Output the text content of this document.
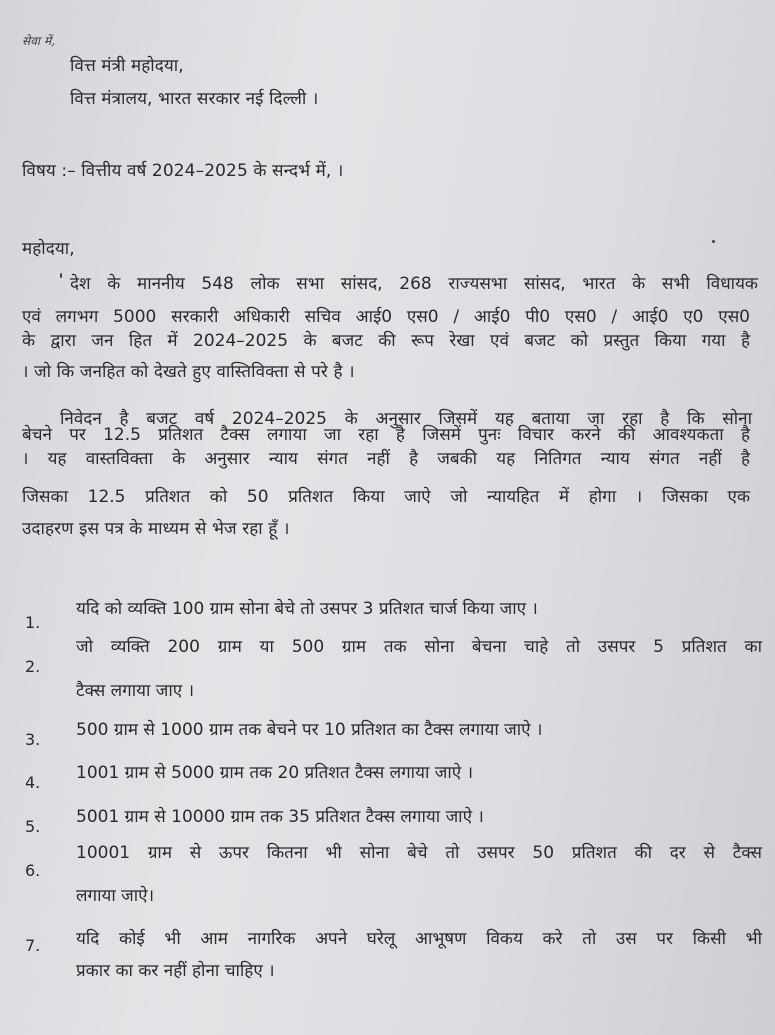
सेवा में,
वित्त मंत्री महोदया,
वित्त मंत्रालय, भारत सरकार नई दिल्ली ।
विषय :– वित्तीय वर्ष 2024–2025 के सन्दर्भ में, ।
महोदया,
देश के माननीय 548 लोक सभा सांसद, 268 राज्यसभा सांसद, भारत के सभी विधायक
एवं लगभग 5000 सरकारी अधिकारी सचिव आई0 एस0 / आई0 पी0 एस0 / आई0 ए0 एस0
के द्वारा जन हित में 2024–2025 के बजट की रूप रेखा एवं बजट को प्रस्तुत किया गया है
। जो कि जनहित को देखते हुए वास्तिविक्ता से परे है ।
निवेदन है बजट वर्ष 2024–2025 के अनुसार जिसमें यह बताया जा रहा है कि सोना
बेचने पर 12.5 प्रतिशत टैक्स लगाया जा रहा है जिसमें पुनः विचार करने की आवश्यकता है
। यह वास्तविक्ता के अनुसार न्याय संगत नहीं है जबकी यह नितिगत न्याय संगत नहीं है
जिसका 12.5 प्रतिशत को 50 प्रतिशत किया जाऐ जो न्यायहित में होगा । जिसका एक
उदाहरण इस पत्र के माध्यम से भेज रहा हूँ ।
1.
यदि को व्यक्ति 100 ग्राम सोना बेचे तो उसपर 3 प्रतिशत चार्ज किया जाए ।
2.
जो व्यक्ति 200 ग्राम या 500 ग्राम तक सोना बेचना चाहे तो उसपर 5 प्रतिशत का
टैक्स लगाया जाए ।
3. 500 ग्राम से 1000 ग्राम तक बेचने पर 10 प्रतिशत का टैक्स लगाया जाऐ ।
4. 1001 ग्राम से 5000 ग्राम तक 20 प्रतिशत टैक्स लगाया जाऐ ।
5. 5001 ग्राम से 10000 ग्राम तक 35 प्रतिशत टैक्स लगाया जाऐ ।
6.
10001 ग्राम से ऊपर कितना भी सोना बेचे तो उसपर 50 प्रतिशत की दर से टैक्स
लगाया जाऐ।
7. यदि कोई भी आम नागरिक अपने घरेलू आभूषण विकय करे तो उस पर किसी भी
प्रकार का कर नहीं होना चाहिए ।
